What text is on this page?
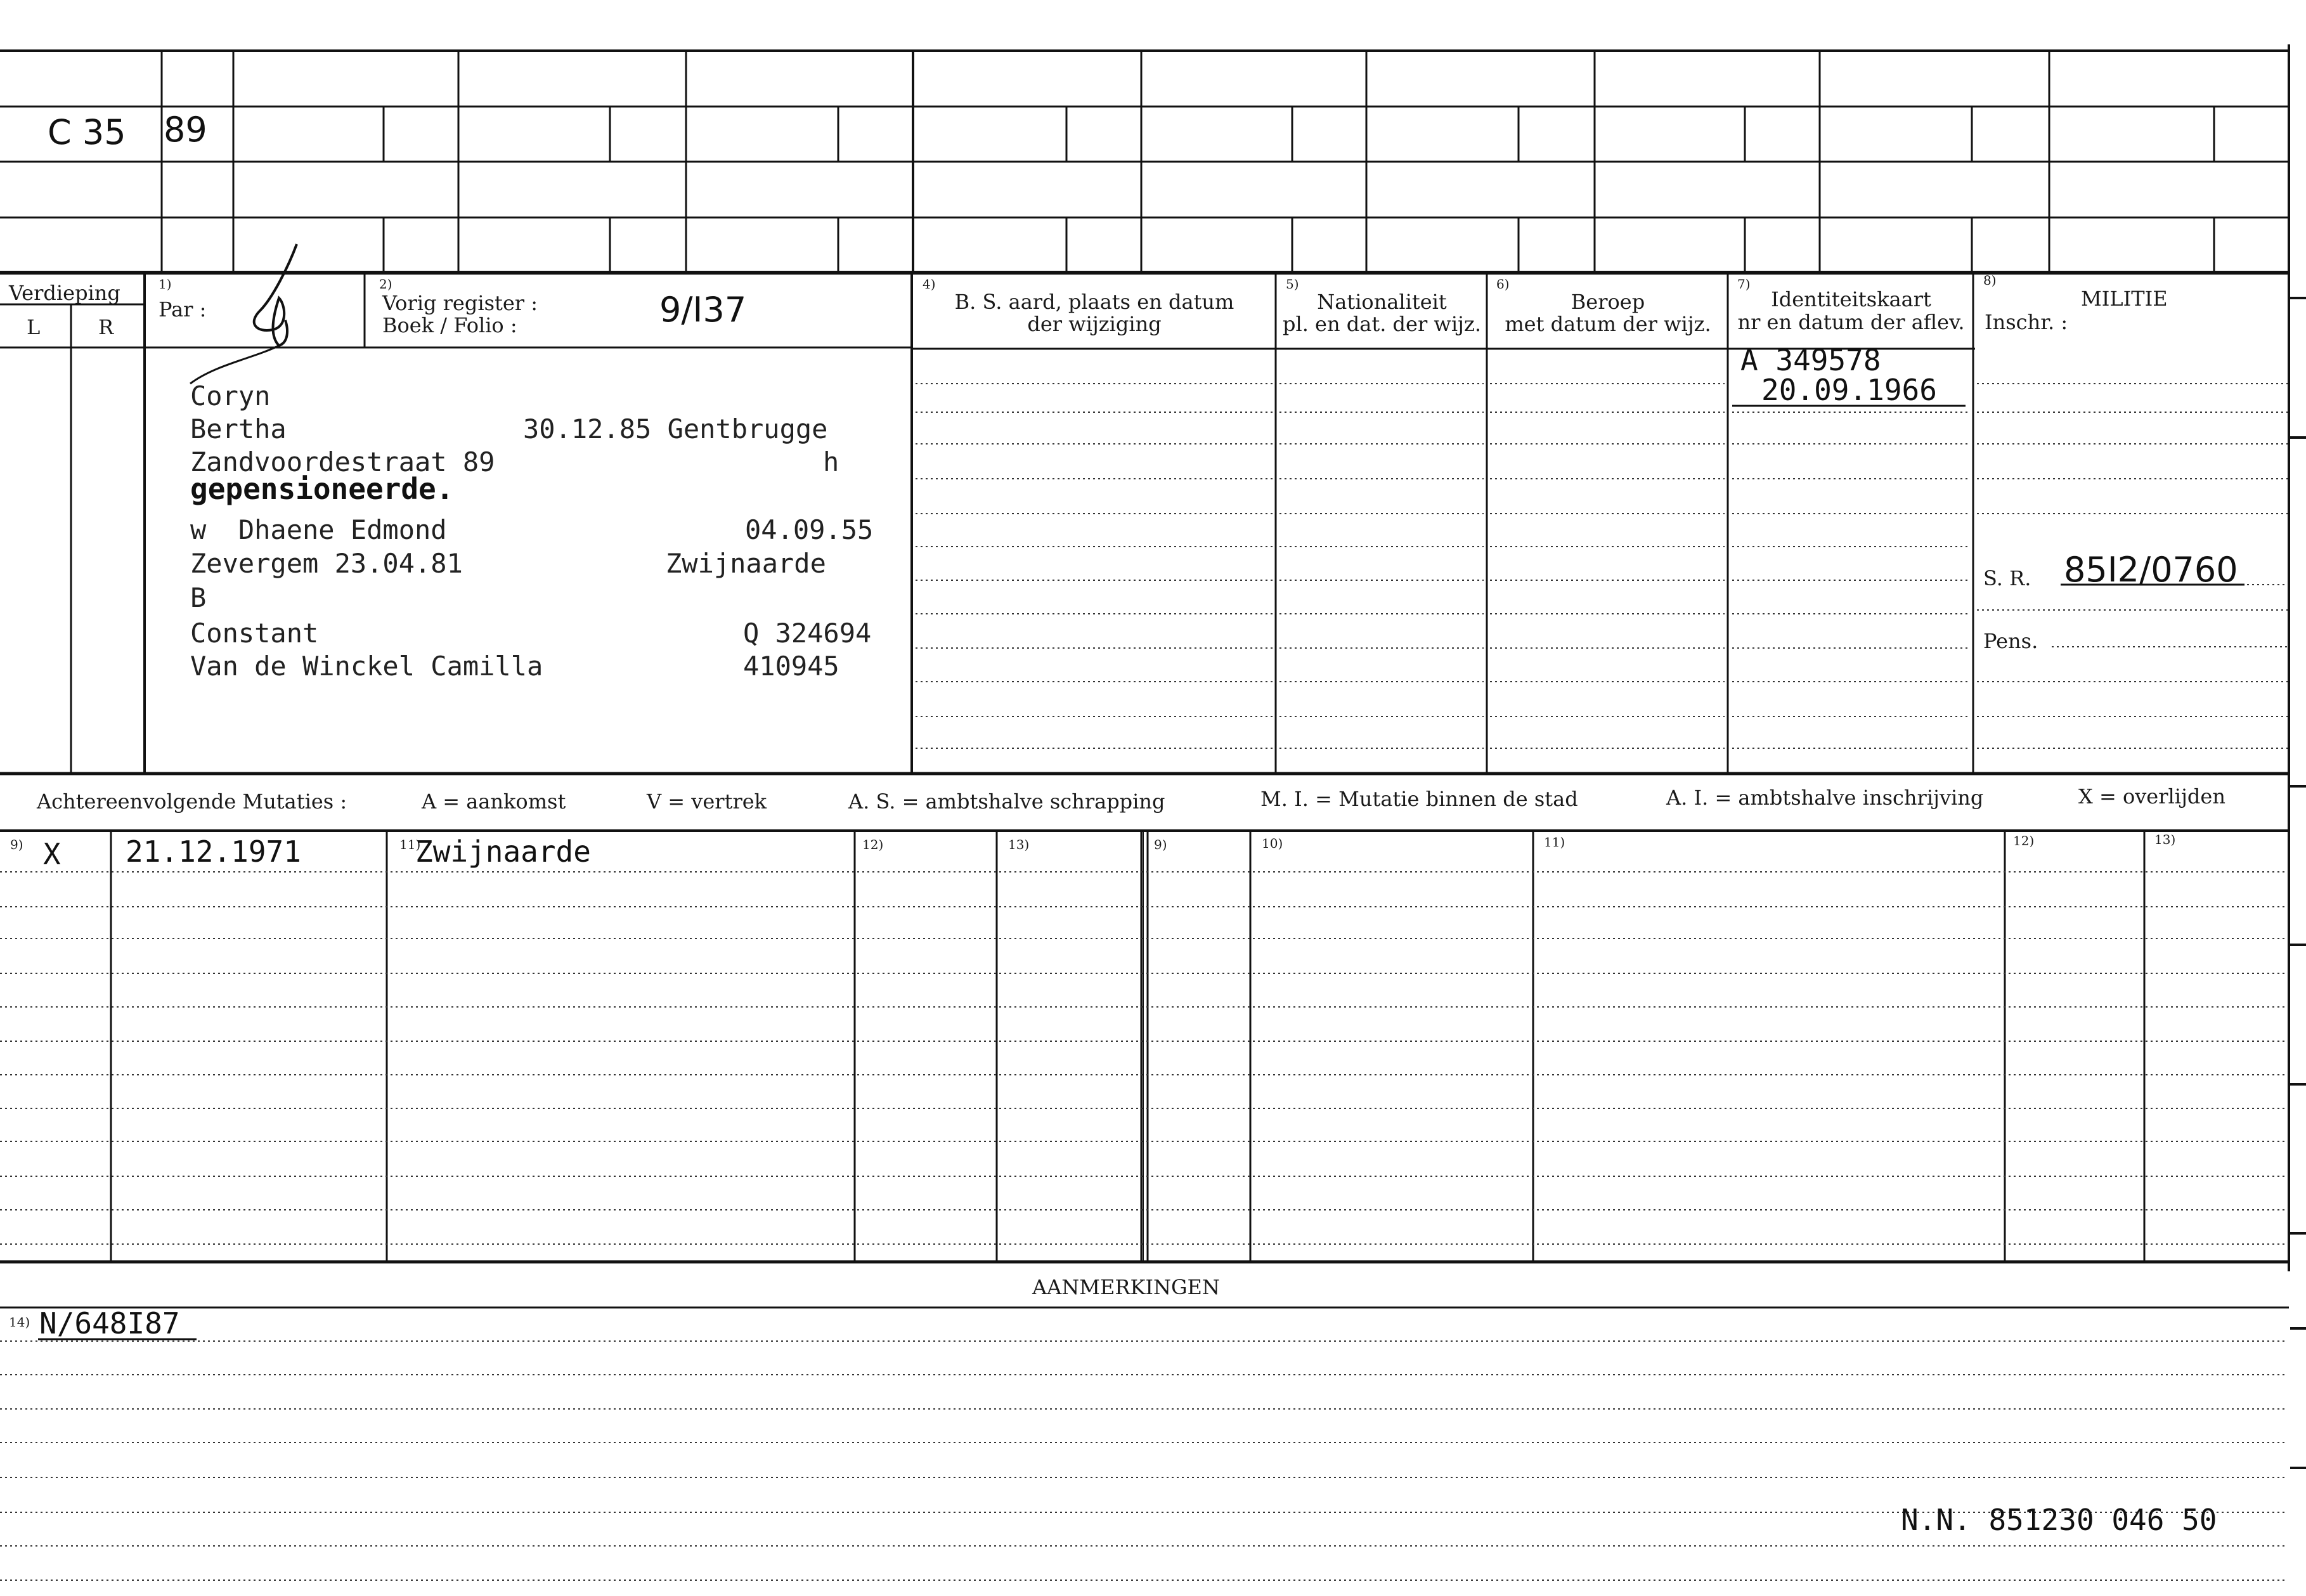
C 35 89
Verdieping
L	R
1)
Par :
2)
Vorig register :
Boek / Folio :	9/I37
4)
B. S. aard, plaats en datum
der wijziging
5)
Nationaliteit
pl. en dat. der wijz.
6)
Beroep
met datum der wijz.
7)
Identiteitskaart
nr en datum der aflev.
8)
MILITIE
Inschr. :
Coryn
Bertha	30.12.85 Gentbrugge
Zandvoordestraat 89	h
gepensioneerde.
w  Dhaene Edmond	04.09.55
Zevergem 23.04.81	Zwijnaarde
B
Constant	Q 324694
Van de Winckel Camilla	410945
A 349578
20.09.1966
S. R. 85I2/0760
Pens.
Achtereenvolgende Mutaties :	A = aankomst	V = vertrek	A. S. = ambtshalve schrapping	M. I. = Mutatie binnen de stad	A. I. = ambtshalve inschrijving	X = overlijden
9)	11)	12)	13)	9)	10)	11)	12)	13)
X 21.12.1971	Zwijnaarde
AANMERKINGEN
14) N/648I87
N.N. 851230 046 50
